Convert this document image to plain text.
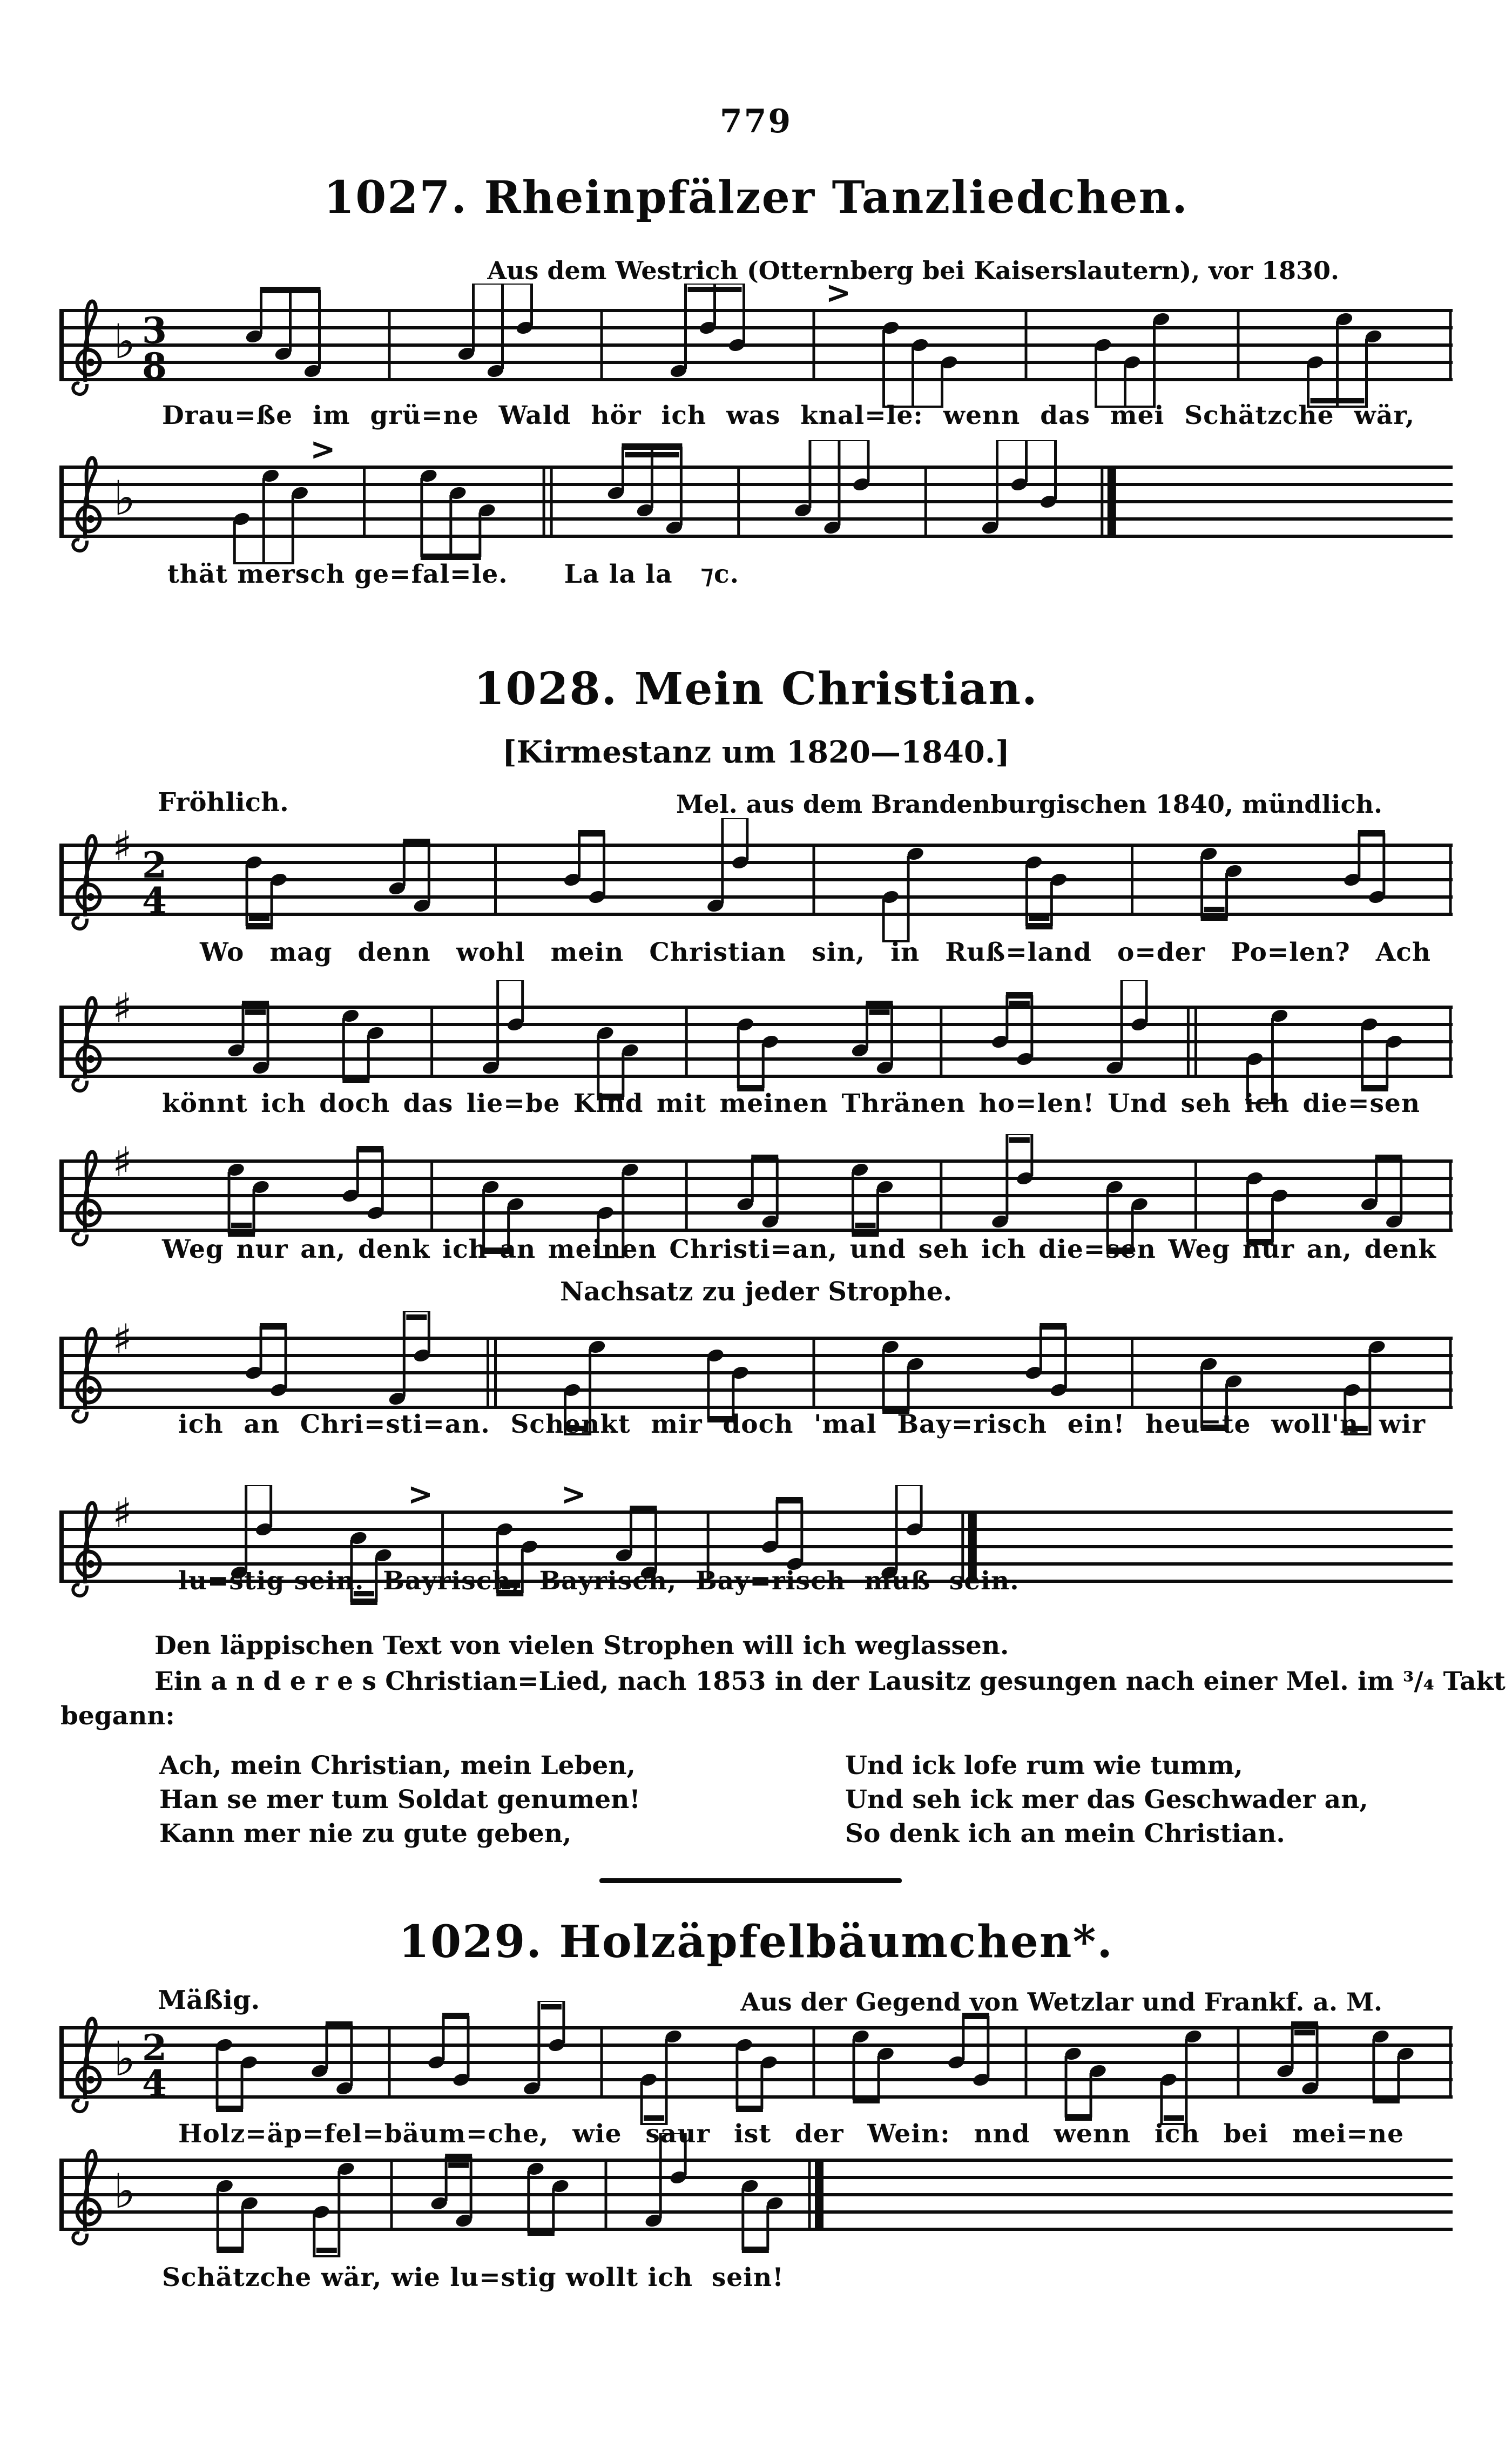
779
1027. Rheinpfälzer Tanzliedchen.
Aus dem Westrich (Otternberg bei Kaiserslautern), vor 1830.
♭ 3
8
>
Drau=ße im grü=ne Wald hör ich was knal=le: wenn das mei Schätzche wär,
♭
>
thät mersch ge=fal=le.      La la la   ⁊c.
1028. Mein Christian.
[Kirmestanz um 1820—1840.]
Fröhlich.	Mel. aus dem Brandenburgischen 1840, mündlich.
♯ 2
4
Wo mag denn wohl mein Christian sin, in Ruß=land o=der Po=len? Ach
♯
könnt ich doch das lie=be Kind mit meinen Thränen ho=len! Und seh ich die=sen
♯
Weg nur an, denk ich an meinen Christi=an, und seh ich die=sen Weg nur an, denk
Nachsatz zu jeder Strophe.
♯
ich an Chri=sti=an. Schenkt mir doch 'mal Bay=risch ein! heu=te woll'n wir
♯	>	>
lu=stig sein.  Bayrisch,  Bayrisch,  Bay=risch  muß  sein.
Den läppischen Text von vielen Strophen will ich weglassen.
Ein a n d e r e s Christian=Lied, nach 1853 in der Lausitz gesungen nach einer Mel. im ³/₄ Takt
begann:
Ach, mein Christian, mein Leben,
Han se mer tum Soldat genumen!
Kann mer nie zu gute geben,
Und ick lofe rum wie tumm,
Und seh ick mer das Geschwader an,
So denk ich an mein Christian.
1029. Holzäpfelbäumchen*.
Mäßig.	Aus der Gegend von Wetzlar und Frankf. a. M.
♭ 2
4
Holz=äp=fel=bäum=che, wie saur ist der Wein: nnd wenn ich bei mei=ne
♭
Schätzche wär, wie lu=stig wollt ich  sein!
